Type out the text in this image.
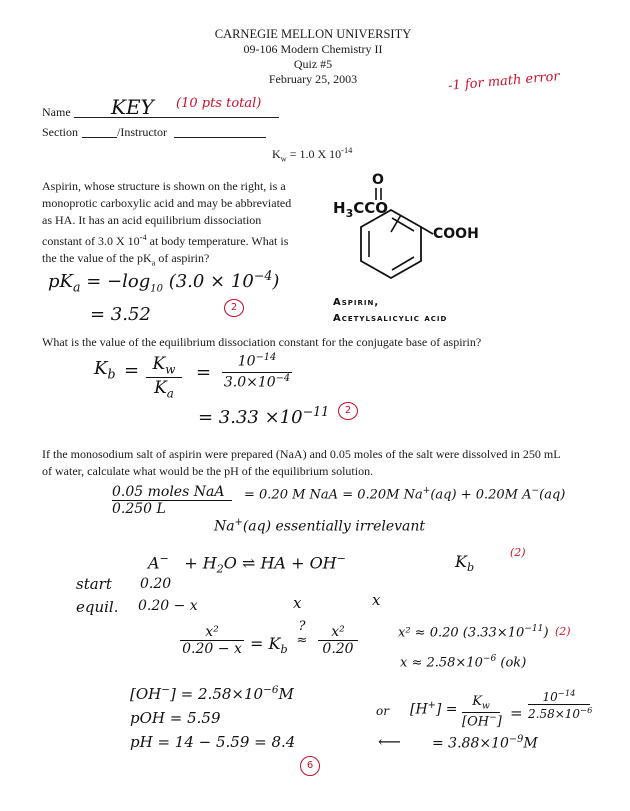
CARNEGIE MELLON UNIVERSITY
09-106 Modern Chemistry II
Quiz #5
February 25, 2003	-1 for math error
Name KEY (10 pts total)
Section	/Instructor
$K_w = 1.0$ X $10^{-14}$
Aspirin, whose structure is shown on the right, is a
monoprotic carboxylic acid and may be abbreviated
as HA. It has an acid equilibrium dissociation
constant of 3.0 X $10^{-4}$ at body temperature. What is
the the value of the $pK_a$ of aspirin?
O
$H_3CCO$
COOH
Aspirin,
Acetylsalicylic acid
$pK_a = -\log_{10}$ $(3.0 \times 10^{-4})$
= 3.52	2
What is the value of the equilibrium dissociation constant for the conjugate base of aspirin?
$K_b = K_w$
$K_a$
=
$10^{-14}$
$3.0\times 10^{-4}$
= $3.33 \times 10^{-11}$	2
If the monosodium salt of aspirin were prepared (NaA) and 0.05 moles of the salt were dissolved in 250 mL
of water, calculate what would be the pH of the equilibrium solution.
0.05 moles NaA
0.250 L
= 0.20 M NaA = 0.20M Na+(aq) + 0.20M A−(aq)
Na+(aq) essentially irrelevant
$A^- + H_2O$ ⇌ HA + OH−	$K_b$
(2)
start 0.20
equil. 0.20 − x	x	x
x²
$0.20 - x = K_b$
?
≈
x²
0.20
x² ≈ 0.20 $(3.33\times 10^{-11})$ (2)
$x \approx 2.58\times 10^{-6}$ (ok)
$[OH^-] = 2.58\times 10^{-6}M$
pOH = 5.59
pH = 14 − 5.59 = 8.4
6
or [H+] =
$K_w$
[OH−] =
$10^{-14}$
$2.58\times 10^{-6}$
⟵ = $3.88\times 10^{-9}M$
